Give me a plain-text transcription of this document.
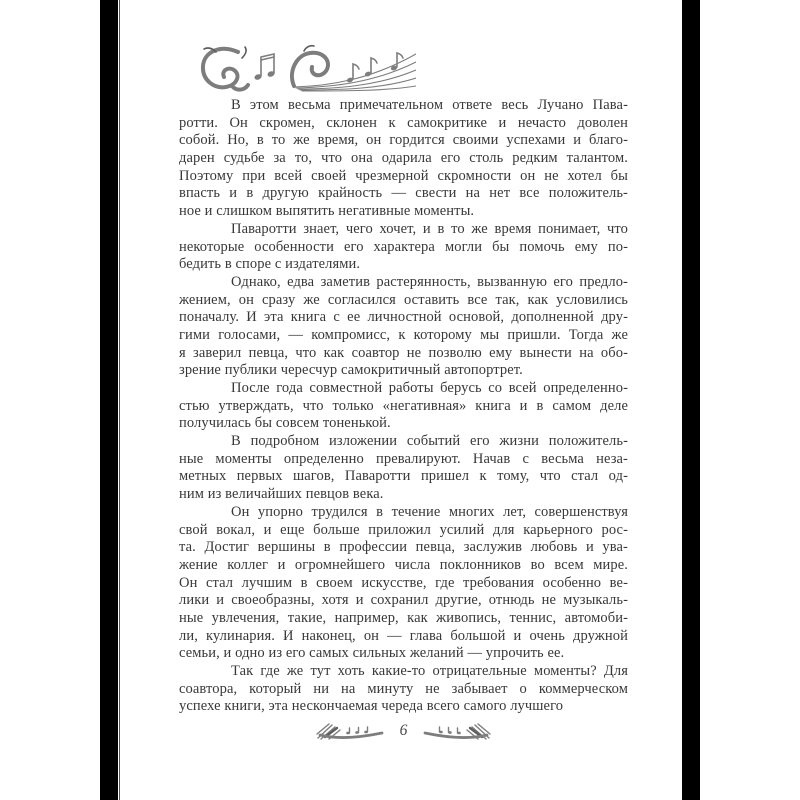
В этом весьма примечательном ответе весь Лучано Пава-
ротти. Он скромен, склонен к самокритике и нечасто доволен
собой. Но, в то же время, он гордится своими успехами и благо-
дарен судьбе за то, что она одарила его столь редким талантом.
Поэтому при всей своей чрезмерной скромности он не хотел бы
впасть и в другую крайность — свести на нет все положитель-
ное и слишком выпятить негативные моменты.
Паваротти знает, чего хочет, и в то же время понимает, что
некоторые особенности его характера могли бы помочь ему по-
бедить в споре с издателями.
Однако, едва заметив растерянность, вызванную его предло-
жением, он сразу же согласился оставить все так, как условились
поначалу. И эта книга с ее личностной основой, дополненной дру-
гими голосами, — компромисс, к которому мы пришли. Тогда же
я заверил певца, что как соавтор не позволю ему вынести на обо-
зрение публики чересчур самокритичный автопортрет.
После года совместной работы берусь со всей определенно-
стью утверждать, что только «негативная» книга и в самом деле
получилась бы совсем тоненькой.
В подробном изложении событий его жизни положитель-
ные моменты определенно превалируют. Начав с весьма неза-
метных первых шагов, Паваротти пришел к тому, что стал од-
ним из величайших певцов века.
Он упорно трудился в течение многих лет, совершенствуя
свой вокал, и еще больше приложил усилий для карьерного рос-
та. Достиг вершины в профессии певца, заслужив любовь и ува-
жение коллег и огромнейшего числа поклонников во всем мире.
Он стал лучшим в своем искусстве, где требования особенно ве-
лики и своеобразны, хотя и сохранил другие, отнюдь не музыкаль-
ные увлечения, такие, например, как живопись, теннис, автомоби-
ли, кулинария. И наконец, он — глава большой и очень дружной
семьи, и одно из его самых сильных желаний — упрочить ее.
Так где же тут хоть какие-то отрицательные моменты? Для
соавтора, который ни на минуту не забывает о коммерческом
успехе книги, эта нескончаемая череда всего самого лучшего
6
